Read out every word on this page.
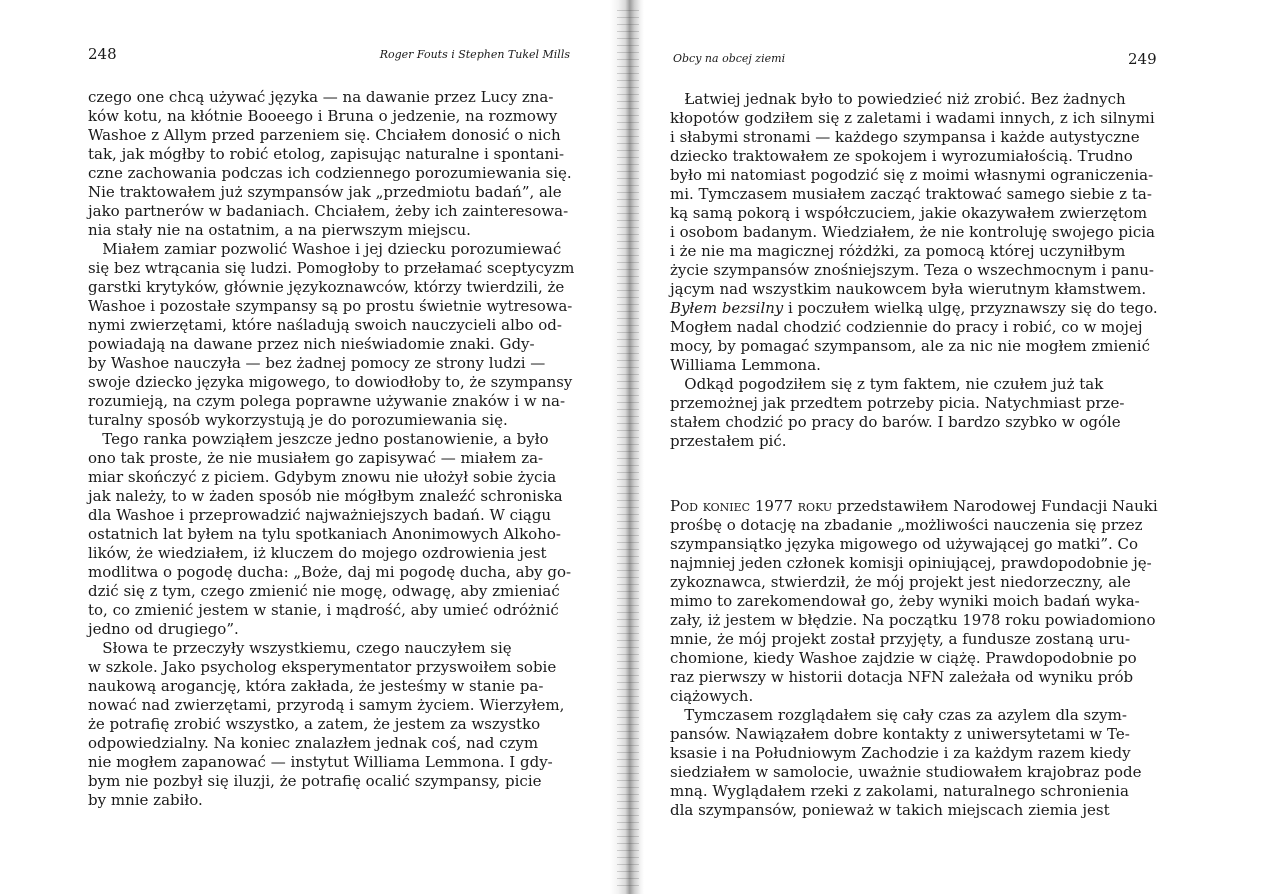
248	Roger Fouts i Stephen Tukel Mills
czego one chcą używać języka — na dawanie przez Lucy zna-
ków kotu, na kłótnie Booeego i Bruna o jedzenie, na rozmowy
Washoe z Allym przed parzeniem się. Chciałem donosić o nich
tak, jak mógłby to robić etolog, zapisując naturalne i spontani-
czne zachowania podczas ich codziennego porozumiewania się.
Nie traktowałem już szympansów jak „przedmiotu badań”, ale
jako partnerów w badaniach. Chciałem, żeby ich zainteresowa-
nia stały nie na ostatnim, a na pierwszym miejscu.
Miałem zamiar pozwolić Washoe i jej dziecku porozumiewać
się bez wtrącania się ludzi. Pomogłoby to przełamać sceptycyzm
garstki krytyków, głównie językoznawców, którzy twierdzili, że
Washoe i pozostałe szympansy są po prostu świetnie wytresowa-
nymi zwierzętami, które naśladują swoich nauczycieli albo od-
powiadają na dawane przez nich nieświadomie znaki. Gdy-
by Washoe nauczyła — bez żadnej pomocy ze strony ludzi —
swoje dziecko języka migowego, to dowiodłoby to, że szympansy
rozumieją, na czym polega poprawne używanie znaków i w na-
turalny sposób wykorzystują je do porozumiewania się.
Tego ranka powziąłem jeszcze jedno postanowienie, a było
ono tak proste, że nie musiałem go zapisywać — miałem za-
miar skończyć z piciem. Gdybym znowu nie ułożył sobie życia
jak należy, to w żaden sposób nie mógłbym znaleźć schroniska
dla Washoe i przeprowadzić najważniejszych badań. W ciągu
ostatnich lat byłem na tylu spotkaniach Anonimowych Alkoho-
lików, że wiedziałem, iż kluczem do mojego ozdrowienia jest
modlitwa o pogodę ducha: „Boże, daj mi pogodę ducha, aby go-
dzić się z tym, czego zmienić nie mogę, odwagę, aby zmieniać
to, co zmienić jestem w stanie, i mądrość, aby umieć odróżnić
jedno od drugiego”.
Słowa te przeczyły wszystkiemu, czego nauczyłem się
w szkole. Jako psycholog eksperymentator przyswoiłem sobie
naukową arogancję, która zakłada, że jesteśmy w stanie pa-
nować nad zwierzętami, przyrodą i samym życiem. Wierzyłem,
że potrafię zrobić wszystko, a zatem, że jestem za wszystko
odpowiedzialny. Na koniec znalazłem jednak coś, nad czym
nie mogłem zapanować — instytut Williama Lemmona. I gdy-
bym nie pozbył się iluzji, że potrafię ocalić szympansy, picie
by mnie zabiło.
Obcy na obcej ziemi	249
Łatwiej jednak było to powiedzieć niż zrobić. Bez żadnych
kłopotów godziłem się z zaletami i wadami innych, z ich silnymi
i słabymi stronami — każdego szympansa i każde autystyczne
dziecko traktowałem ze spokojem i wyrozumiałością. Trudno
było mi natomiast pogodzić się z moimi własnymi ograniczenia-
mi. Tymczasem musiałem zacząć traktować samego siebie z ta-
ką samą pokorą i współczuciem, jakie okazywałem zwierzętom
i osobom badanym. Wiedziałem, że nie kontroluję swojego picia
i że nie ma magicznej różdżki, za pomocą której uczyniłbym
życie szympansów znośniejszym. Teza o wszechmocnym i panu-
jącym nad wszystkim naukowcem była wierutnym kłamstwem.
Byłem bezsilny i poczułem wielką ulgę, przyznawszy się do tego.
Mogłem nadal chodzić codziennie do pracy i robić, co w mojej
mocy, by pomagać szympansom, ale za nic nie mogłem zmienić
Williama Lemmona.
Odkąd pogodziłem się z tym faktem, nie czułem już tak
przemożnej jak przedtem potrzeby picia. Natychmiast prze-
stałem chodzić po pracy do barów. I bardzo szybko w ogóle
przestałem pić.
Pod koniec 1977 roku przedstawiłem Narodowej Fundacji Nauki
prośbę o dotację na zbadanie „możliwości nauczenia się przez
szympansiątko języka migowego od używającej go matki”. Co
najmniej jeden członek komisji opiniującej, prawdopodobnie ję-
zykoznawca, stwierdził, że mój projekt jest niedorzeczny, ale
mimo to zarekomendował go, żeby wyniki moich badań wyka-
zały, iż jestem w błędzie. Na początku 1978 roku powiadomiono
mnie, że mój projekt został przyjęty, a fundusze zostaną uru-
chomione, kiedy Washoe zajdzie w ciążę. Prawdopodobnie po
raz pierwszy w historii dotacja NFN zależała od wyniku prób
ciążowych.
Tymczasem rozglądałem się cały czas za azylem dla szym-
pansów. Nawiązałem dobre kontakty z uniwersytetami w Te-
ksasie i na Południowym Zachodzie i za każdym razem kiedy
siedziałem w samolocie, uważnie studiowałem krajobraz pode
mną. Wyglądałem rzeki z zakolami, naturalnego schronienia
dla szympansów, ponieważ w takich miejscach ziemia jest
